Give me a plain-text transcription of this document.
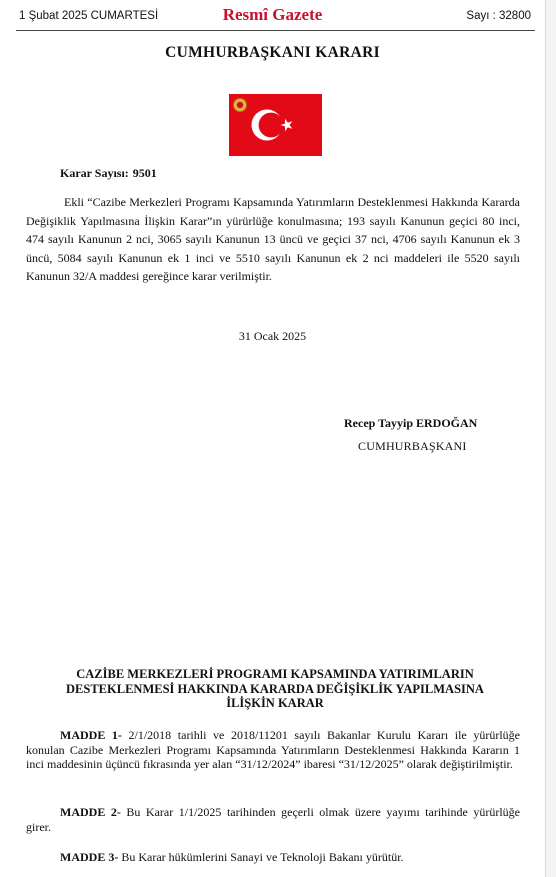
1 Şubat 2025 CUMARTESİ	Resmî Gazete	Sayı : 32800
CUMHURBAŞKANI KARARI
Karar Sayısı: 9501
Ekli “Cazibe Merkezleri Programı Kapsamında Yatırımların Desteklenmesi Hakkında Kararda Değişiklik Yapılmasına İlişkin Karar”ın yürürlüğe konulmasına; 193 sayılı Kanunun geçici 80 inci, 474 sayılı Kanunun 2 nci, 3065 sayılı Kanunun 13 üncü ve geçici 37 nci, 4706 sayılı Kanunun ek 3 üncü, 5084 sayılı Kanunun ek 1 inci ve 5510 sayılı Kanunun ek 2 nci maddeleri ile 5520 sayılı Kanunun 32/A maddesi gereğince karar verilmiştir.
31 Ocak 2025
Recep Tayyip ERDOĞAN
CUMHURBAŞKANI
CAZİBE MERKEZLERİ PROGRAMI KAPSAMINDA YATIRIMLARIN
DESTEKLENMESİ HAKKINDA KARARDA DEĞİŞİKLİK YAPILMASINA
İLİŞKİN KARAR
MADDE 1- 2/1/2018 tarihli ve 2018/11201 sayılı Bakanlar Kurulu Kararı ile yürürlüğe konulan Cazibe Merkezleri Programı Kapsamında Yatırımların Desteklenmesi Hakkında Kararın 1 inci maddesinin üçüncü fıkrasında yer alan “31/12/2024” ibaresi “31/12/2025” olarak değiştirilmiştir.
MADDE 2- Bu Karar 1/1/2025 tarihinden geçerli olmak üzere yayımı tarihinde yürürlüğe girer.
MADDE 3- Bu Karar hükümlerini Sanayi ve Teknoloji Bakanı yürütür.
